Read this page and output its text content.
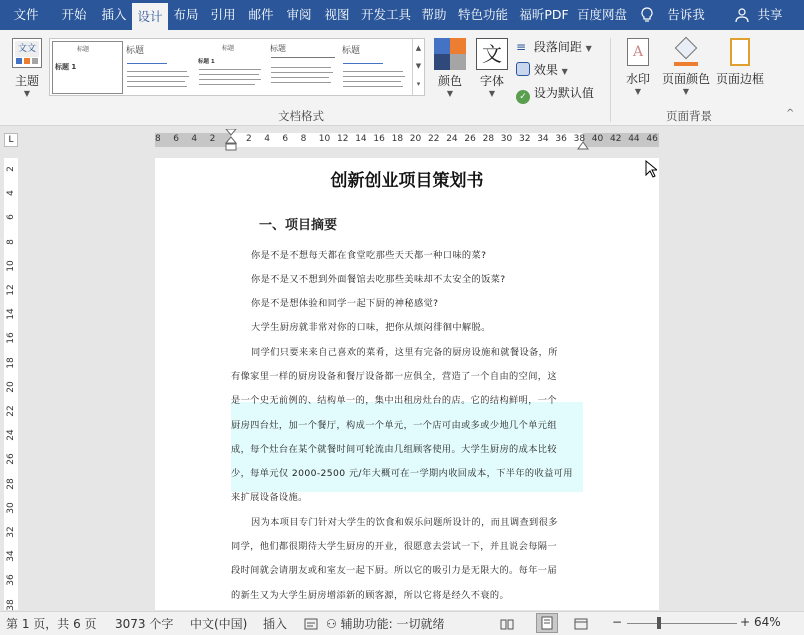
文件	开始	插入 设计 布局 引用	邮件	审阅	视图 开发工具 帮助 特色功能 福昕PDF 百度网盘	告诉我	共享
文文
主题
▼
标题
标题 1
标题	标题
标题 1
标题	标题	▲
▼
▾	颜色
▼
文
字体
▼
≡ 段落间距 ▼
效果 ▼
✓ 设为默认值
文档格式
A
水印
▼
页面颜色
▼
页面边框
页面背景	^
L	8 6 4 2	2 4 6 8 10 12 14 16 18 20 22 24 26 28 30 32 34 36 38 40 42 44 46
2
4
6
8
10
12
14
16
18
20
22
24
26
28
30
32
34
36
38
创新创业项目策划书
一、项目摘要
你是不是不想每天都在食堂吃那些天天都一种口味的菜?
你是不是又不想到外面餐馆去吃那些美味却不太安全的饭菜?
你是不是想体验和同学一起下厨的神秘感觉?
大学生厨房就非常对你的口味，把你从烦闷徘徊中解脱。
同学们只要来来自己喜欢的菜肴，这里有完备的厨房设施和就餐设备，所
有像家里一样的厨房设备和餐厅设备都一应俱全，营造了一个自由的空间，这
是一个史无前例的、结构单一的，集中出租房灶台的店。它的结构鲜明，一个
厨房四台灶，加一个餐厅，构成一个单元，一个店可由或多或少地几个单元组
成，每个灶台在某个就餐时间可轮流由几组顾客使用。大学生厨房的成本比较
少，每单元仅 2000-2500 元/年大概可在一学期内收回成本，下半年的收益可用
来扩展设备设施。
因为本项目专门针对大学生的饮食和娱乐问题所设计的，而且调查到很多
同学，他们都很期待大学生厨房的开业，很愿意去尝试一下，并且说会每隔一
段时间就会请朋友或和室友一起下厨。所以它的吸引力是无限大的。每年一届
的新生又为大学生厨房增添新的顾客源，所以它将是经久不衰的。
第 1 页，共 6 页 3073 个字 中文(中国) 插入	⚇ 辅助功能: 一切就绪	−	+ 64%
